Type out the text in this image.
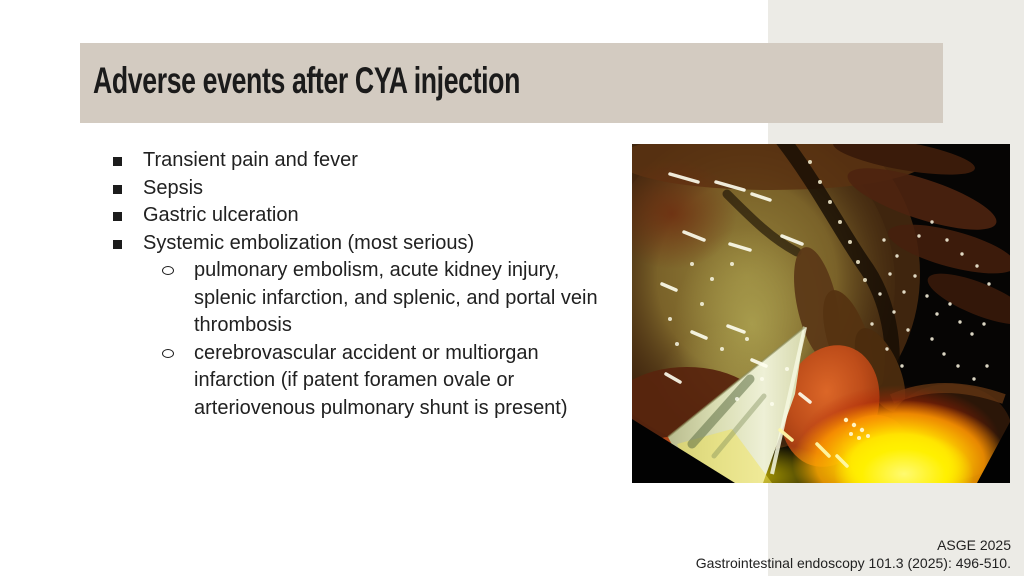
Adverse events after CYA injection
Transient pain and fever
Sepsis
Gastric ulceration
Systemic embolization (most serious)
pulmonary embolism, acute kidney injury, splenic infarction, and splenic, and portal vein thrombosis
cerebrovascular accident or multiorgan infarction (if patent foramen ovale or arteriovenous pulmonary shunt is present)
ASGE 2025
Gastrointestinal endoscopy 101.3 (2025): 496-510.
